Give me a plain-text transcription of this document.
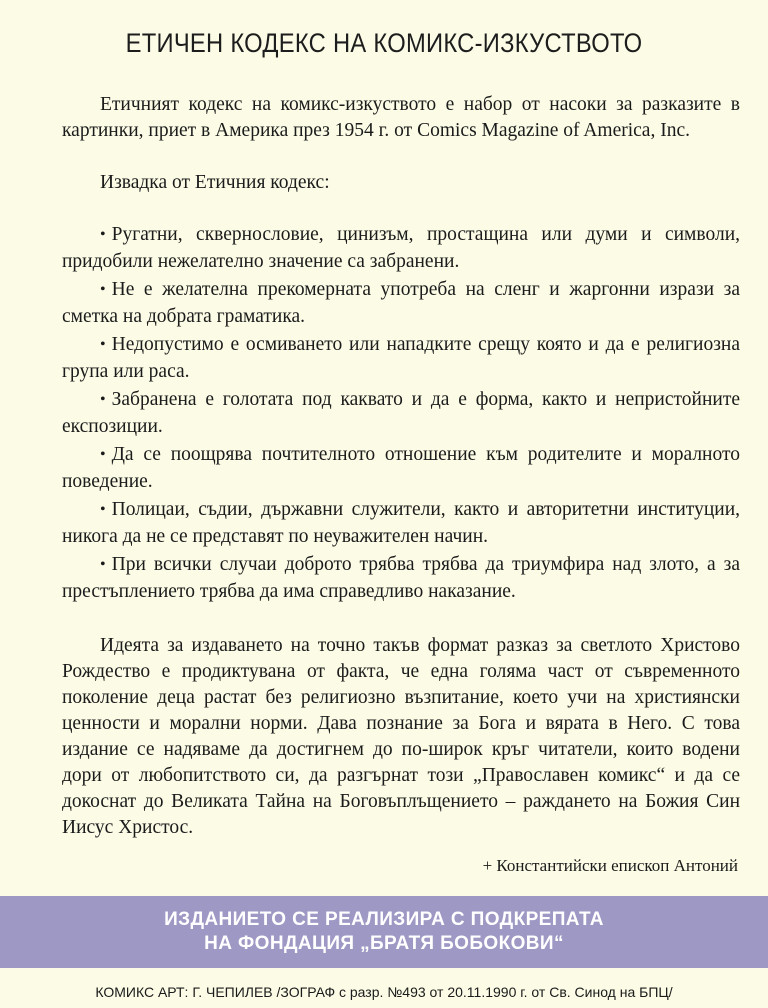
ЕТИЧЕН КОДЕКС НА КОМИКС-ИЗКУСТВОТО

Етичният кодекс на комикс-изкуството е набор от насоки за разказите в картинки, приет в Америка през 1954 г. от Comics Magazine of America, Inc.

Извадка от Етичния кодекс:

• Ругатни, сквернословие, цинизъм, простащина или думи и символи, придобили нежелателно значение са забранени.
• Не е желателна прекомерната употреба на сленг и жаргонни изрази за сметка на добрата граматика.
• Недопустимо е осмиването или нападките срещу която и да е религиозна група или раса.
• Забранена е голотата под каквато и да е форма, както и непристойните експозиции.
• Да се поощрява почтителното отношение към родителите и моралното поведение.
• Полицаи, съдии, държавни служители, както и авторитетни институции, никога да не се представят по неуважителен начин.
• При всички случаи доброто трябва трябва да триумфира над злото, а за престъплението трябва да има справедливо наказание.

Идеята за издаването на точно такъв формат разказ за светлото Христово Рождество е продиктувана от факта, че една голяма част от съвременното поколение деца растат без религиозно възпитание, което учи на християнски ценности и морални норми. Дава познание за Бога и вярата в Него. С това издание се надяваме да достигнем до по-широк кръг читатели, които водени дори от любопитството си, да разгърнат този „Православен комикс“ и да се докоснат до Великата Тайна на Боговъплъщението – раждането на Божия Син Иисус Христос.

+ Константийски епископ Антоний
ИЗДАНИЕТО СЕ РЕАЛИЗИРА С ПОДКРЕПАТА
НА ФОНДАЦИЯ „БРАТЯ БОБОКОВИ“
КОМИКС АРТ: Г. ЧЕПИЛЕВ /ЗОГРАФ с разр. №493 от 20.11.1990 г. от Св. Синод на БПЦ/
